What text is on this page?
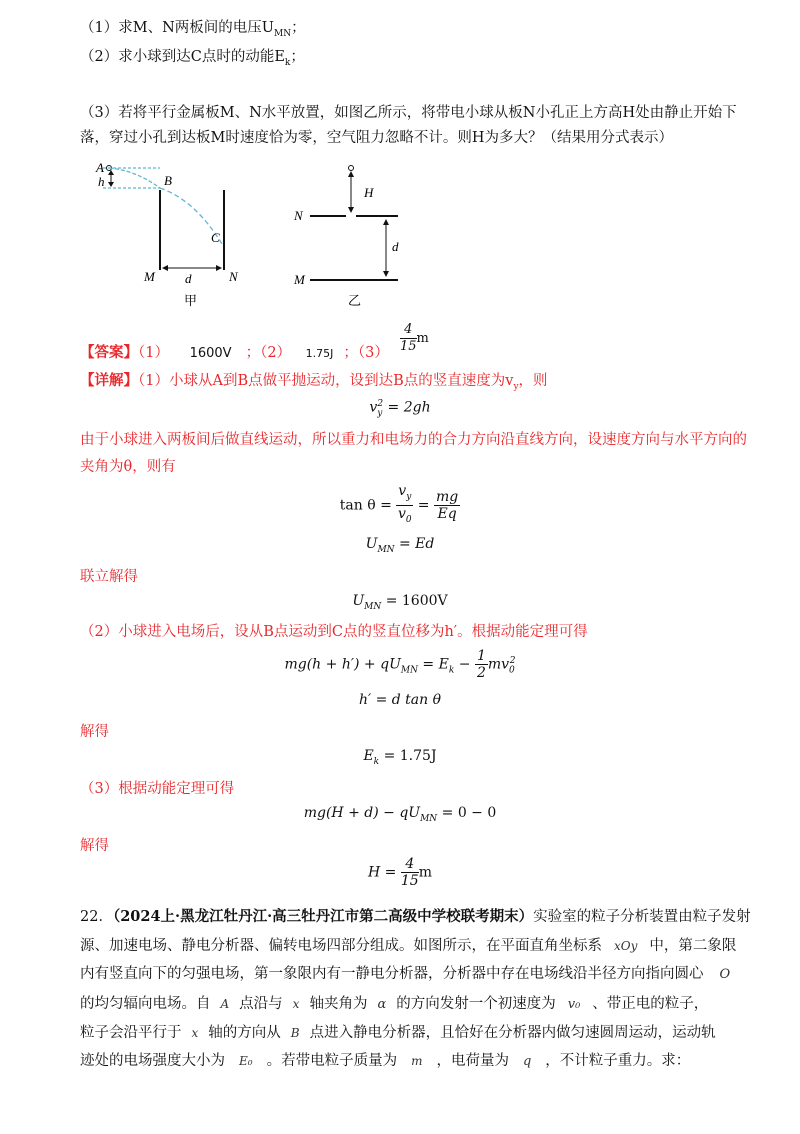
（1）求M、N两板间的电压$U_{MN}$；
（2）求小球到达C点时的动能$E_k$；
（3）若将平行金属板M、N水平放置，如图乙所示，将带电小球从板N小孔正上方高H处由静止开始下
落，穿过小孔到达板M时速度恰为零，空气阻力忽略不计。则H为多大？（结果用分式表示）
A
h	B
C
M	N
d
甲
H
N
M
d
乙
【答案】（1） 1600V ；（2） 1.75J ；$(3) \frac{4}{15}$ m
【详解】（1）小球从A到B点做平抛运动，设到达B点的竖直速度为$v_y$，则
$v_y^2 = 2gh$
由于小球进入两板间后做直线运动，所以重力和电场力的合力方向沿直线方向，设速度方向与水平方向的
夹角为θ，则有
$\tan \theta = \frac{v_y}{v_0} = \frac{mg}{Eq}$
$U_{MN} = Ed$
联立解得
$U_{MN} = 1600V$
（2）小球进入电场后，设从B点运动到C点的竖直位移为h′。根据动能定理可得
$mg(h + h') + qU_{MN} = E_k - \frac{1}{2} mv_0^2$
h′ = d tan θ
解得
$E_k = 1.75J$
（3）根据动能定理可得
$mg(H + d) - qU_{MN} = 0 - 0$
解得
$H = \frac{4}{15}$ m
22．（2024上·黑龙江牡丹江·高三牡丹江市第二高级中学校联考期末）实验室的粒子分析装置由粒子发射
源、加速电场、静电分析器、偏转电场四部分组成。如图所示，在平面直角坐标系 xOy 中，第二象限
内有竖直向下的匀强电场，第一象限内有一静电分析器，分析器中存在电场线沿半径方向指向圆心 O
的均匀辐向电场。自 A 点沿与 x 轴夹角为 α 的方向发射一个初速度为 v₀ 、带正电的粒子，
粒子会沿平行于 x 轴的方向从 B 点进入静电分析器，且恰好在分析器内做匀速圆周运动，运动轨
迹处的电场强度大小为 E₀ 。若带电粒子质量为 m ，电荷量为 q ，不计粒子重力。求：
